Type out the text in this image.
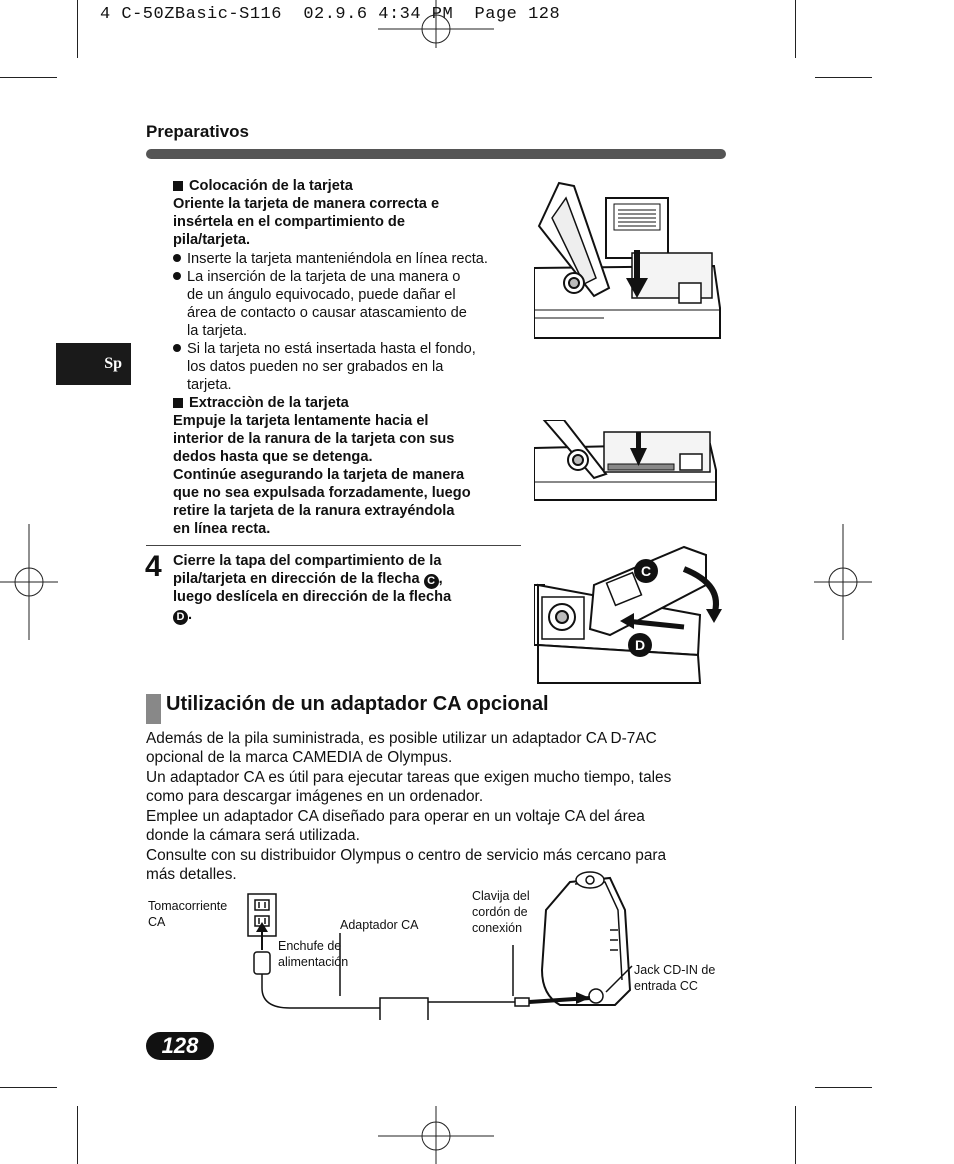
4 C-50ZBasic-S116  02.9.6 4:34 PM  Page 128
Preparativos
Sp
Colocación de la tarjeta
Oriente la tarjeta de manera correcta e
insértela en el compartimiento de
pila/tarjeta.
Inserte la tarjeta manteniéndola en línea recta.
La inserción de la tarjeta de una manera o
de un ángulo equivocado, puede dañar el
área de contacto o causar atascamiento de
la tarjeta.
Si la tarjeta no está insertada hasta el fondo,
los datos pueden no ser grabados en la
tarjeta.
Extracciòn de la tarjeta
Empuje la tarjeta lentamente hacia el
interior de la ranura de la tarjeta con sus
dedos hasta que se detenga.
Continúe asegurando la tarjeta de manera
que no sea expulsada forzadamente, luego
retire la tarjeta de la ranura extrayéndola
en línea recta.
4 Cierre la tapa del compartimiento de la
pila/tarjeta en dirección de la flecha C ,
luego deslícela en dirección de la flecha
D .
C
D
Utilización de un adaptador CA opcional
Además de la pila suministrada, es posible utilizar un adaptador CA D-7AC
opcional de la marca CAMEDIA de Olympus.
Un adaptador CA es útil para ejecutar tareas que exigen mucho tiempo, tales
como para descargar imágenes en un ordenador.
Emplee un adaptador CA diseñado para operar en un voltaje CA del área
donde la cámara será utilizada.
Consulte con su distribuidor Olympus o centro de servicio más cercano para
más detalles.
Tomacorriente
CA
Enchufe de
alimentación
Adaptador CA
Clavija del
cordón de
conexión
Jack CD-IN de
entrada CC
128
